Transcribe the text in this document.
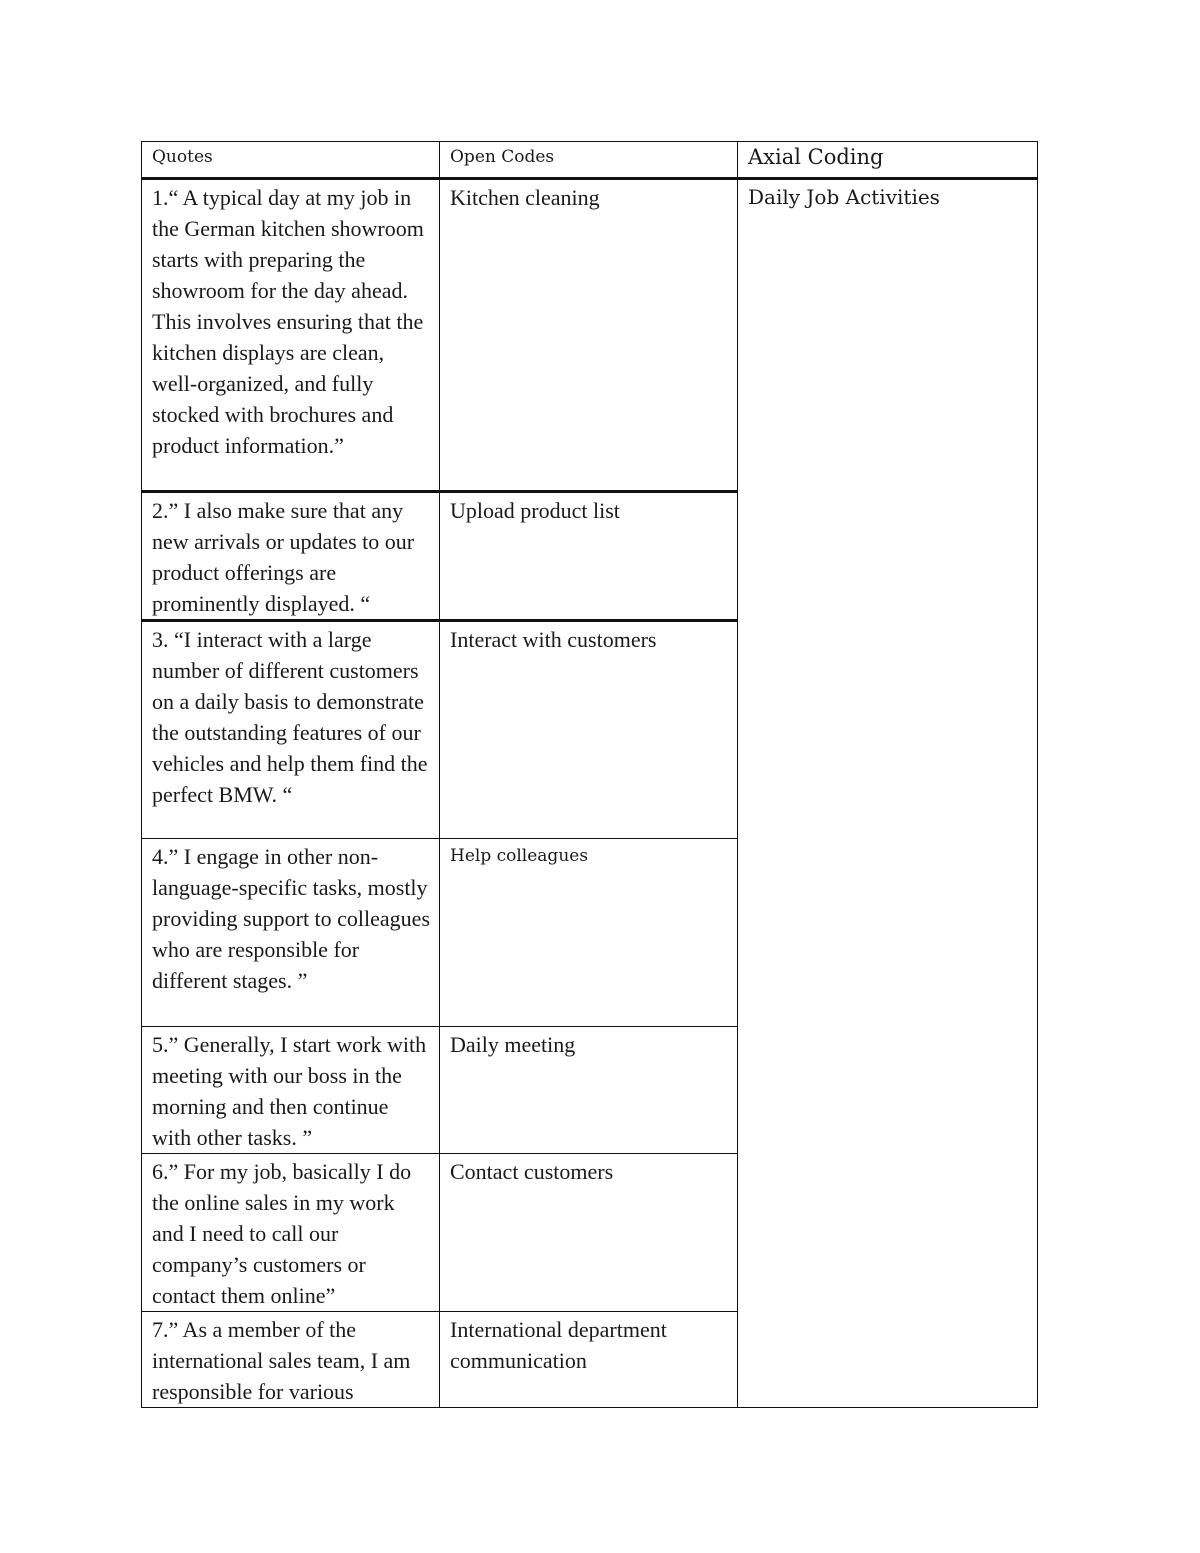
Quotes	Open Codes	Axial Coding
1.“ A typical day at my job in the German kitchen showroom starts with preparing the showroom for the day ahead. This involves ensuring that the kitchen displays are clean, well-organized, and fully stocked with brochures and product information.”	Kitchen cleaning	Daily Job Activities
2.” I also make sure that any new arrivals or updates to our product offerings are prominently displayed. “	Upload product list	
3. “I interact with a large number of different customers on a daily basis to demonstrate the outstanding features of our vehicles and help them find the perfect BMW. “	Interact with customers	
4.” I engage in other non-language-specific tasks, mostly providing support to colleagues who are responsible for different stages. ”	Help colleagues	
5.” Generally, I start work with meeting with our boss in the morning and then continue with other tasks. ”	Daily meeting	
6.” For my job, basically I do the online sales in my work and I need to call our company’s customers or contact them online”	Contact customers	
7.” As a member of the international sales team, I am responsible for various	International department communication	
